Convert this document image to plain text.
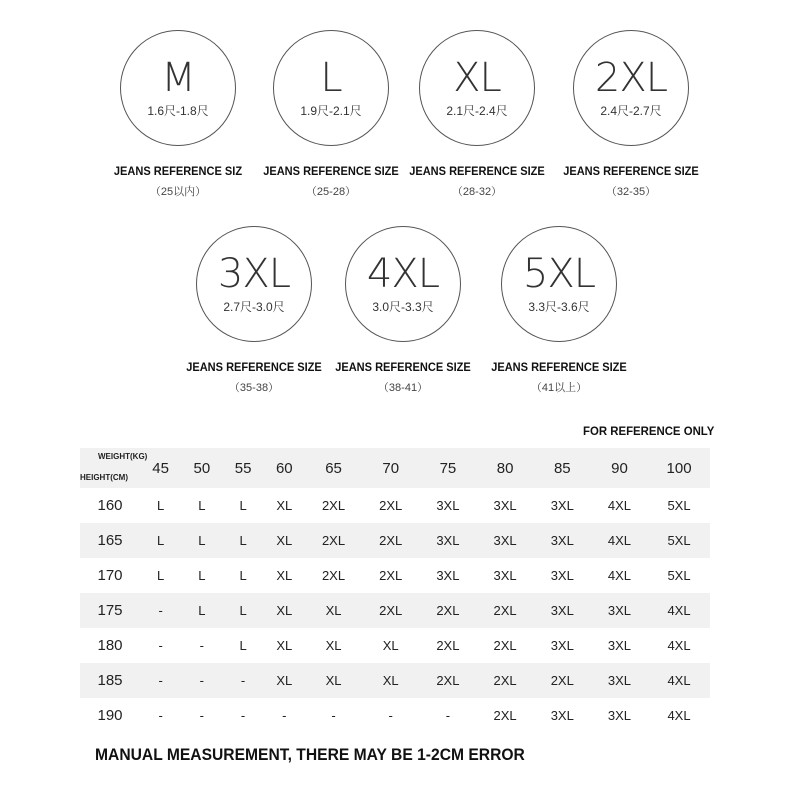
M
1.6尺-1.8尺
JEANS REFERENCE SIZ
（25以内）
L
1.9尺-2.1尺
JEANS REFERENCE SIZE
（25-28）
XL
2.1尺-2.4尺
JEANS REFERENCE SIZE
（28-32）
2XL
2.4尺-2.7尺
JEANS REFERENCE SIZE
（32-35）
3XL
2.7尺-3.0尺
JEANS REFERENCE SIZE
（35-38）
4XL
3.0尺-3.3尺
JEANS REFERENCE SIZE
（38-41）
5XL
3.3尺-3.6尺
JEANS REFERENCE SIZE
（41以上）
FOR REFERENCE ONLY
WEIGHT(KG)
HEIGHT(CM)	45	50	55	60	65	70	75	80	85	90	100
160	L	L	L	XL	2XL	2XL	3XL	3XL	3XL	4XL	5XL
165	L	L	L	XL	2XL	2XL	3XL	3XL	3XL	4XL	5XL
170	L	L	L	XL	2XL	2XL	3XL	3XL	3XL	4XL	5XL
175	-	L	L	XL	XL	2XL	2XL	2XL	3XL	3XL	4XL
180	-	-	L	XL	XL	XL	2XL	2XL	3XL	3XL	4XL
185	-	-	-	XL	XL	XL	2XL	2XL	2XL	3XL	4XL
190	-	-	-	-	-	-	-	2XL	3XL	3XL	4XL
MANUAL MEASUREMENT, THERE MAY BE 1-2CM ERROR
